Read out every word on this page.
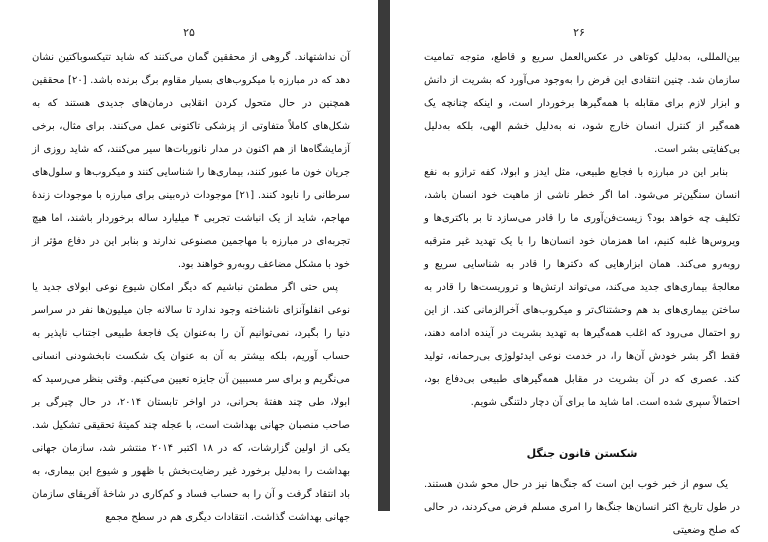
۲۵

آن نداشتهاند. گروهی از محققین گمان می‌کنند که شاید تتیکسوباکتین نشان دهد که در مبارزه با میکروب‌های بسیار مقاوم برگ برنده باشد. [۲۰] محققین همچنین در حال متحول کردن انقلابی درمان‌های جدیدی هستند که به شکل‌های کاملاً متفاوتی از پزشکی تاکتونی عمل می‌کنند. برای مثال، برخی آزمایشگاه‌ها از هم اکنون در مدار نانوربات‌ها سیر می‌کنند، که شاید روزی از جریان خون ما عبور کنند، بیماری‌ها را شناسایی کنند و میکروب‌ها و سلول‌های سرطانی را نابود کنند. [۲۱] موجودات ذره‌بینی برای مبارزه با موجودات زندهٔ مهاجم، شاید از یک انباشت تجربی ۴ میلیارد ساله برخوردار باشند، اما هیچ تجربه‌ای در مبارزه با مهاجمین مصنوعی ندارند و بنابر این در دفاع مؤثر از خود با مشکل مضاعف روبه‌رو خواهند بود.

پس حتی اگر مطمئن نباشیم که دیگر امکان شیوع نوعی ابولای جدید یا نوعی انفلوآنزای ناشناخته وجود ندارد تا سالانه جان میلیون‌ها نفر در سراسر دنیا را بگیرد، نمی‌توانیم آن را به‌عنوان یک فاجعهٔ طبیعی اجتناب ناپذیر به حساب آوریم، بلکه بیشتر به آن به عنوان یک شکست نابخشودنی انسانی می‌نگریم و برای سر مسببین آن جایزه تعیین می‌کنیم. وقتی بنظر می‌رسید که ابولا، طی چند هفتهٔ بحرانی، در اواخر تابستان ۲۰۱۴، در حال چیرگی بر صاحب منصبان جهانی بهداشت است، با عجله چند کمیتهٔ تحقیقی تشکیل شد. یکی از اولین گزارشات، که در ۱۸ اکتبر ۲۰۱۴ منتشر شد، سازمان جهانی بهداشت را به‌دلیل برخورد غیر رضایت‌بخش با ظهور و شیوع این بیماری، به باد انتقاد گرفت و آن را به حساب فساد و کم‌کاری در شاخهٔ آفریقای سازمان جهانی بهداشت گذاشت. انتقادات دیگری هم در سطح مجمع

۲۶

بین‌المللی، به‌دلیل کوتاهی در عکس‌العمل سریع و قاطع، متوجه تمامیت سازمان شد. چنین انتقادی این فرض را به‌وجود می‌آورد که بشریت از دانش و ابزار لازم برای مقابله با همه‌گیرها برخوردار است، و اینکه چنانچه یک همه‌گیر از کنترل انسان خارج شود، نه به‌دلیل خشم الهی، بلکه به‌دلیل بی‌کفایتی بشر است.

بنابر این در مبارزه با فجایع طبیعی، مثل ایدز و ابولا، کفه ترازو به نفع انسان سنگین‌تر می‌شود. اما اگر خطر ناشی از ماهیت خود انسان باشد، تکلیف چه خواهد بود؟ زیست‌فن‌آوری ما را قادر می‌سازد تا بر باکتری‌ها و ویروس‌ها غلبه کنیم، اما همزمان خود انسان‌ها را با یک تهدید غیر مترقبه روبه‌رو می‌کند. همان ابزارهایی که دکترها را قادر به شناسایی سریع و معالجهٔ بیماری‌های جدید می‌کند، می‌تواند ارتش‌ها و تروریست‌ها را قادر به ساختن بیماری‌های بد هم وحشتناک‌تر و میکروب‌های آخرالزمانی کند. از این رو احتمال می‌رود که اغلب همه‌گیرها به تهدید بشریت در آینده ادامه دهند، فقط اگر بشر خودش آن‌ها را، در خدمت نوعی ایدئولوژی بی‌رحمانه، تولید کند. عصری که در آن بشریت در مقابل همه‌گیرهای طبیعی بی‌دفاع بود، احتمالاً سپری شده است. اما شاید ما برای آن دچار دلتنگی شویم.

شکستن قانون جنگل

یک سوم از خبر خوب این است که جنگ‌ها نیز در حال محو شدن هستند. در طول تاریخ اکثر انسان‌ها جنگ‌ها را امری مسلم فرض می‌کردند، در حالی که صلح وضعیتی
